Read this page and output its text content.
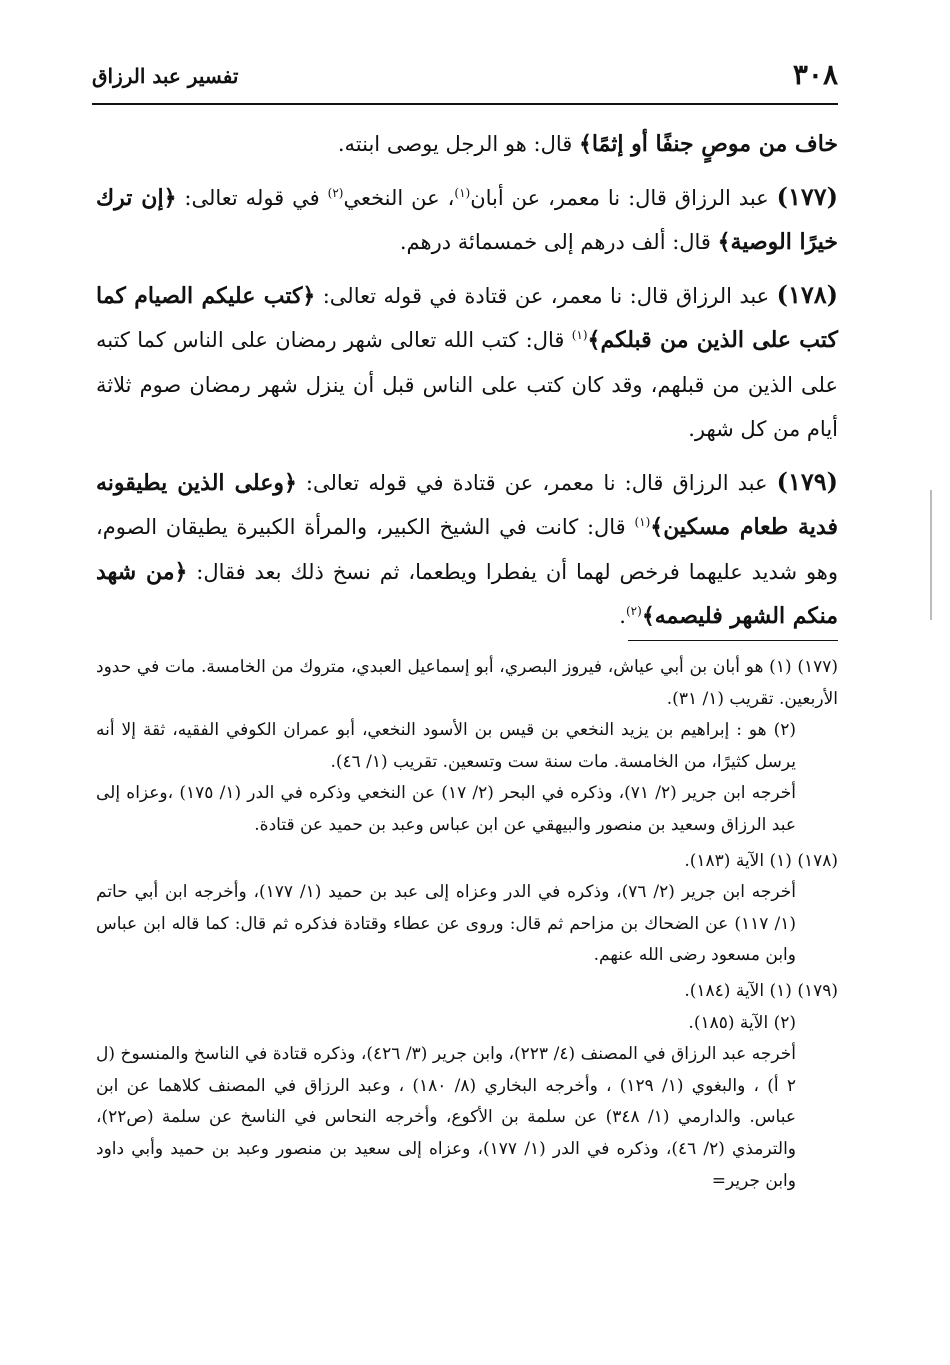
٣٠٨
تفسير عبد الرزاق

خاف من موصٍ جنفًا أو إثمًا﴾ قال: هو الرجل يوصى ابنته.

(١٧٧) عبد الرزاق قال: نا معمر، عن أبان$^{(١)}$، عن النخعي$^{(٢)}$ في قوله تعالى: ﴿إن ترك خيرًا الوصية﴾ قال: ألف درهم إلى خمسمائة درهم.

(١٧٨) عبد الرزاق قال: نا معمر، عن قتادة في قوله تعالى: ﴿كتب عليكم الصيام كما كتب على الذين من قبلكم﴾$^{(١)}$ قال: كتب الله تعالى شهر رمضان على الناس كما كتبه على الذين من قبلهم، وقد كان كتب على الناس قبل أن ينزل شهر رمضان صوم ثلاثة أيام من كل شهر.

(١٧٩) عبد الرزاق قال: نا معمر، عن قتادة في قوله تعالى: ﴿وعلى الذين يطيقونه فدية طعام مسكين﴾$^{(١)}$ قال: كانت في الشيخ الكبير، والمرأة الكبيرة يطيقان الصوم، وهو شديد عليهما فرخص لهما أن يفطرا ويطعما، ثم نسخ ذلك بعد فقال: ﴿من شهد منكم الشهر فليصمه﴾$^{(٢)}$.

(١٧٧) (١) هو أبان بن أبي عياش، فيروز البصري، أبو إسماعيل العبدي، متروك من الخامسة. مات في حدود الأربعين. تقريب (١/ ٣١).

(٢) هو : إبراهيم بن يزيد النخعي بن قيس بن الأسود النخعي، أبو عمران الكوفي الفقيه، ثقة إلا أنه يرسل كثيرًا، من الخامسة. مات سنة ست وتسعين. تقريب (١/ ٤٦).

أخرجه ابن جرير (٢/ ٧١)، وذكره في البحر (٢/ ١٧) عن النخعي وذكره في الدر (١/ ١٧٥) ،وعزاه إلى عبد الرزاق وسعيد بن منصور والبيهقي عن ابن عباس وعبد بن حميد عن قتادة.

(١٧٨) (١) الآية (١٨٣).

أخرجه ابن جرير (٢/ ٧٦)، وذكره في الدر وعزاه إلى عبد بن حميد (١/ ١٧٧)، وأخرجه ابن أبي حاتم (١/ ١١٧) عن الضحاك بن مزاحم ثم قال: وروى عن عطاء وقتادة فذكره ثم قال: كما قاله ابن عباس وابن مسعود رضى الله عنهم.

(١٧٩) (١) الآية (١٨٤).

(٢) الآية (١٨٥).

أخرجه عبد الرزاق في المصنف (٤/ ٢٢٣)، وابن جرير (٣/ ٤٢٦)، وذكره قتادة في الناسخ والمنسوخ (ل ٢ أ) ، والبغوي (١/ ١٢٩) ، وأخرجه البخاري (٨/ ١٨٠) ، وعبد الرزاق في المصنف كلاهما عن ابن عباس. والدارمي (١/ ٣٤٨) عن سلمة بن الأكوع، وأخرجه النحاس في الناسخ عن سلمة (ص٢٢)، والترمذي (٢/ ٤٦)، وذكره في الدر (١/ ١٧٧)، وعزاه إلى سعيد بن منصور وعبد بن حميد وأبي داود وابن جرير=
